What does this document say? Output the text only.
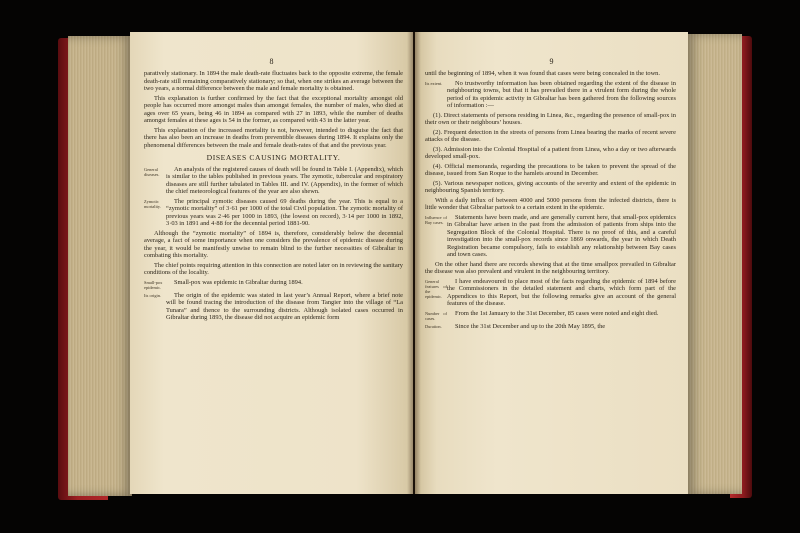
8

paratively stationary. In 1894 the male death-rate fluctuates back to the opposite extreme, the female death-rate still remaining comparatively stationary; so that, when one strikes an average between the two years, a normal difference between the male and female mortality is obtained.

This explanation is further confirmed by the fact that the exceptional mortality amongst old people has occurred more amongst males than amongst females, the number of males, who died at ages over 65 years, being 46 in 1894 as compared with 27 in 1893, while the number of deaths amongst females at these ages is 54 in the former, as compared with 43 in the latter year.

This explanation of the increased mortality is not, however, intended to disguise the fact that there has also been an increase in deaths from preventible diseases during 1894. It explains only the phenomenal differences between the male and female death-rates of that and the previous year.

DISEASES CAUSING MORTALITY.
General diseases.

An analysis of the registered causes of death will be found in Table I. (Appendix), which is similar to the tables published in previous years. The zymotic, tubercular and respiratory diseases are still further tabulated in Tables III. and IV. (Appendix), in the former of which the chief meteorological features of the year are also shewn.

Zymotic mortality.

The principal zymotic diseases caused 69 deaths during the year. This is equal to a “zymotic mortality” of 3·61 per 1000 of the total Civil population. The zymotic mortality of previous years was 2·46 per 1000 in 1893, (the lowest on record), 3·14 per 1000 in 1892, 3·03 in 1891 and 4·88 for the decennial period 1881-90.

Although the “zymotic mortality” of 1894 is, therefore, considerably below the decennial average, a fact of some importance when one considers the prevalence of epidemic disease during the year, it would be manifestly unwise to remain blind to the further necessities of Gibraltar in combating this mortality.

The chief points requiring attention in this connection are noted later on in reviewing the sanitary conditions of the locality.

Small-pox epidemic.

Small-pox was epidemic in Gibraltar during 1894.

Its origin.	The origin of the epidemic was stated in last year’s Annual Report, where a brief note will be found tracing the introduction of the disease from Tangier into the village of “La Tunara” and thence to the surrounding districts. Although isolated cases occurred in Gibraltar during 1893, the disease did not acquire an epidemic form

9

until the beginning of 1894, when it was found that cases were being concealed in the town.

Its extent.	No trustworthy information has been obtained regarding the extent of the disease in neighbouring towns, but that it has prevailed there in a virulent form during the whole period of its epidemic activity in Gibraltar has been gathered from the following sources of information :—

(1). Direct statements of persons residing in Linea, &c., regarding the presence of small-pox in their own or their neighbours’ houses.

(2). Frequent detection in the streets of persons from Linea bearing the marks of recent severe attacks of the disease.

(3). Admission into the Colonial Hospital of a patient from Linea, who a day or two afterwards developed small-pox.

(4). Official memoranda, regarding the precautions to be taken to prevent the spread of the disease, issued from San Roque to the hamlets around in December.

(5). Various newspaper notices, giving accounts of the severity and extent of the epidemic in neighbouring Spanish territory.

With a daily influx of between 4000 and 5000 persons from the infected districts, there is little wonder that Gibraltar partook to a certain extent in the epidemic.

Influence of Bay cases.

Statements have been made, and are generally current here, that small-pox epidemics in Gibraltar have arisen in the past from the admission of patients from ships into the Segregation Block of the Colonial Hospital. There is no proof of this, and a careful investigation into the small-pox records since 1869 onwards, the year in which Death Registration became compulsory, fails to establish any relationship between Bay cases and town cases.

On the other hand there are records shewing that at the time smallpox prevailed in Gibraltar the disease was also prevalent and virulent in the neighbouring territory.

General features of the epidemic.

I have endeavoured to place most of the facts regarding the epidemic of 1894 before the Commissioners in the detailed statement and charts, which form part of the Appendices to this Report, but the following remarks give an account of the general features of the disease.

Number of cases.

From the 1st January to the 31st December, 85 cases were noted and eight died.

Duration.	Since the 31st December and up to the 20th May 1895, the
